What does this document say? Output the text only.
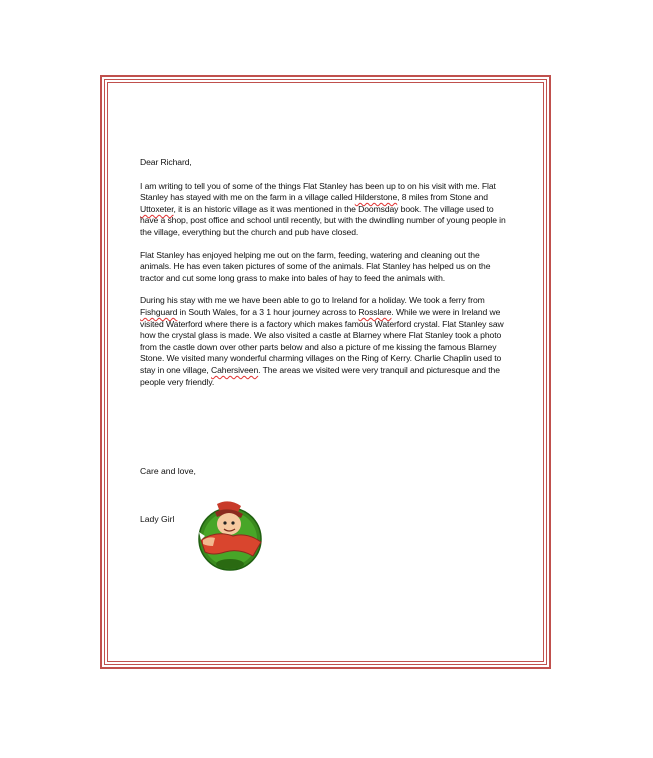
Dear Richard,

I am writing to tell you of some of the things Flat Stanley has been up to on his visit with me. Flat Stanley has stayed with me on the farm in a village called Hilderstone, 8 miles from Stone and Uttoxeter, it is an historic village as it was mentioned in the Doomsday book. The village used to have a shop, post office and school until recently, but with the dwindling number of young people in the village, everything but the church and pub have closed.

Flat Stanley has enjoyed helping me out on the farm, feeding, watering and cleaning out the animals. He has even taken pictures of some of the animals. Flat Stanley has helped us on the tractor and cut some long grass to make into bales of hay to feed the animals with.

During his stay with me we have been able to go to Ireland for a holiday. We took a ferry from Fishguard in South Wales, for a 3 1 hour journey across to Rosslare. While we were in Ireland we visited Waterford where there is a factory which makes famous Waterford crystal. Flat Stanley saw how the crystal glass is made. We also visited a castle at Blarney where Flat Stanley took a photo from the castle down over other parts below and also a picture of me kissing the famous Blarney Stone. We visited many wonderful charming villages on the Ring of Kerry. Charlie Chaplin used to stay in one village, Cahersiveen. The areas we visited were very tranquil and picturesque and the people very friendly.

Care and love,
Lady Girl
